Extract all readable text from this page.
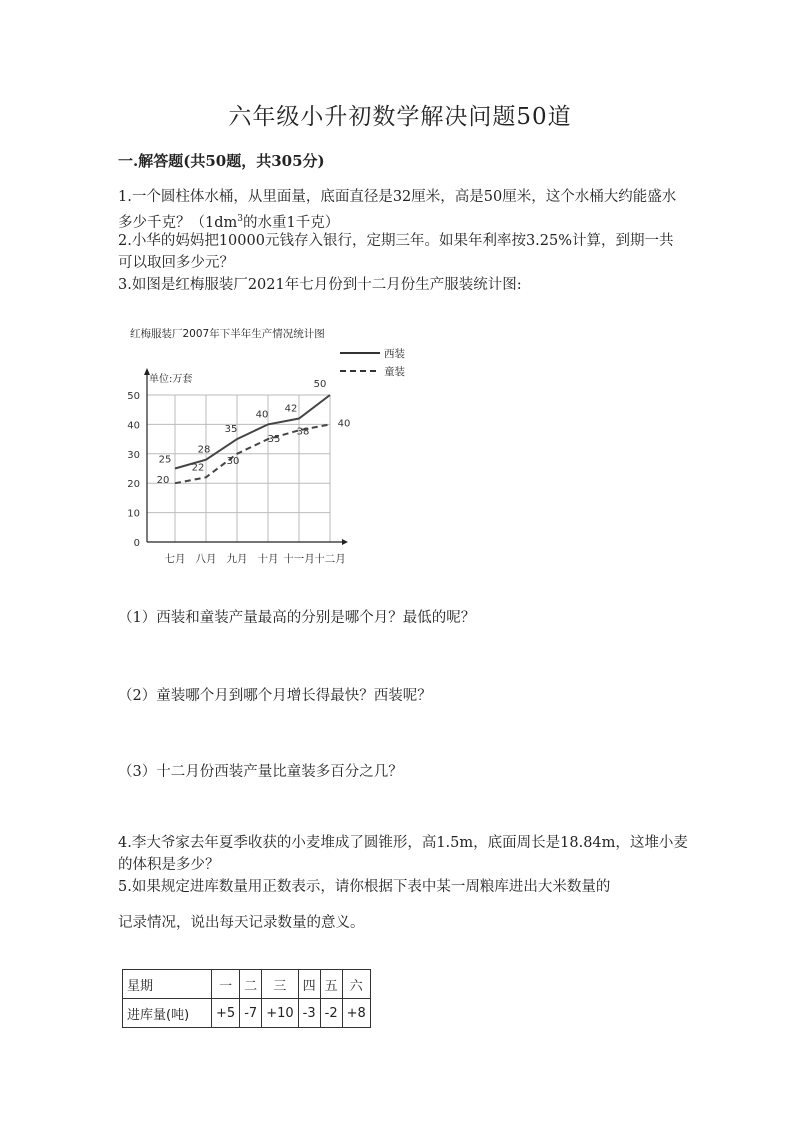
六年级小升初数学解决问题50道
一.解答题(共50题，共305分)
1.一个圆柱体水桶，从里面量，底面直径是32厘米，高是50厘米，这个水桶大约能盛水多少千克？（$1dm^3$的水重1千克）
2.小华的妈妈把10000元钱存入银行，定期三年。如果年利率按3.25%计算，到期一共可以取回多少元？
3.如图是红梅服装厂2021年七月份到十二月份生产服装统计图:
红梅服装厂2007年下半年生产情况统计图
0
10
20
30
40
50
七月 八月 九月 十月 十一月 十二月
单位:万套
西装
童装
25
28
35
40
42
50
20
22
30
35
38
40
（1）西装和童装产量最高的分别是哪个月？最低的呢？
（2）童装哪个月到哪个月增长得最快？西装呢？
（3）十二月份西装产量比童装多百分之几？
4.李大爷家去年夏季收获的小麦堆成了圆锥形，高1.5m，底面周长是18.84m，这堆小麦的体积是多少？
5.如果规定进库数量用正数表示，请你根据下表中某一周粮库进出大米数量的
记录情况，说出每天记录数量的意义。
星期	一	二	三	四	五	六
进库量(吨)	+5	-7	+10	-3	-2	+8
